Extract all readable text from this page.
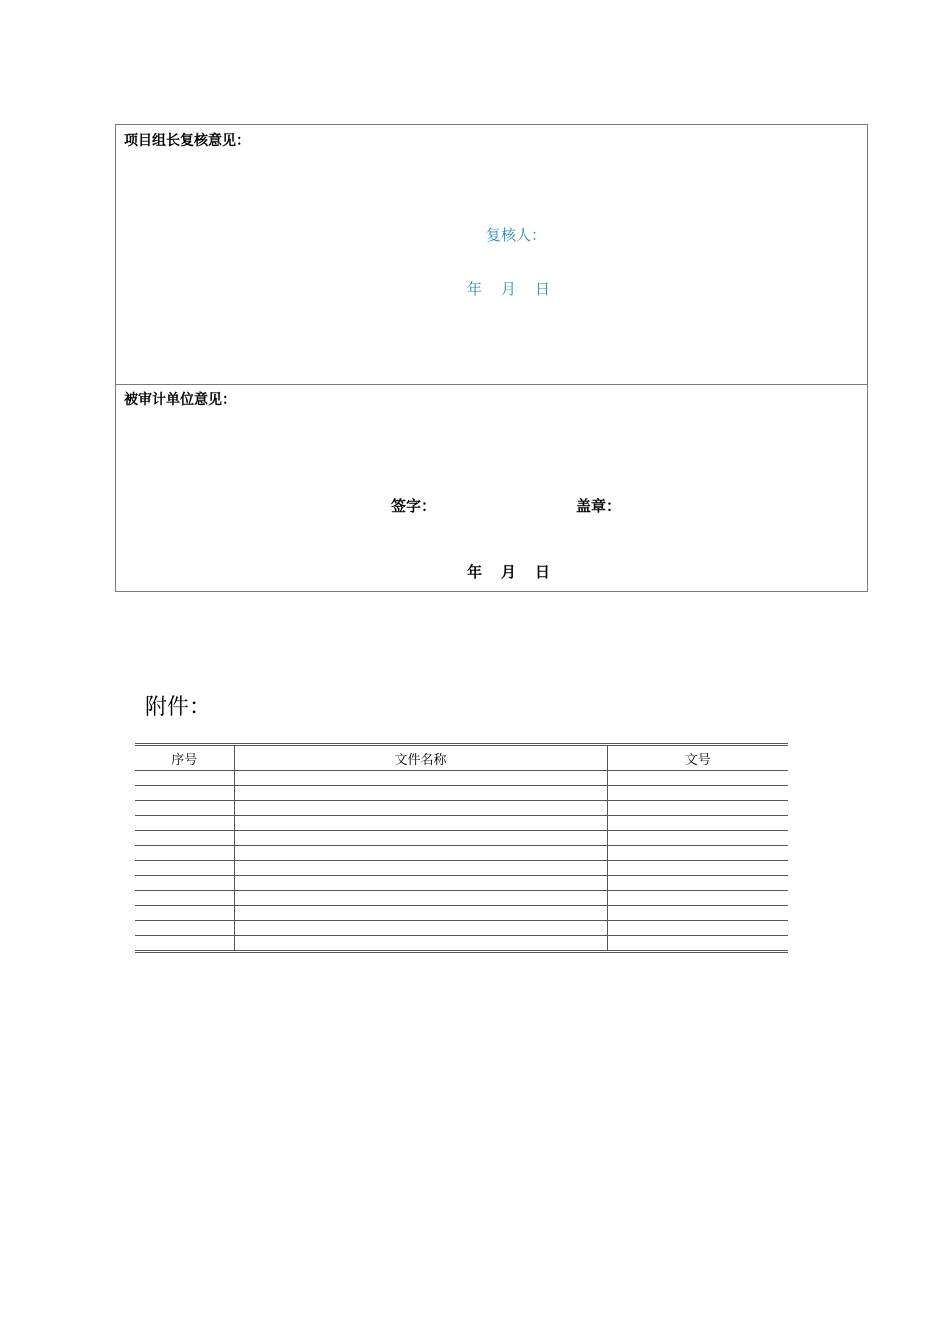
项目组长复核意见：
复核人：
年 月 日
被审计单位意见：
签字：	盖章：
年 月 日
附件：
序号	文件名称	文号
